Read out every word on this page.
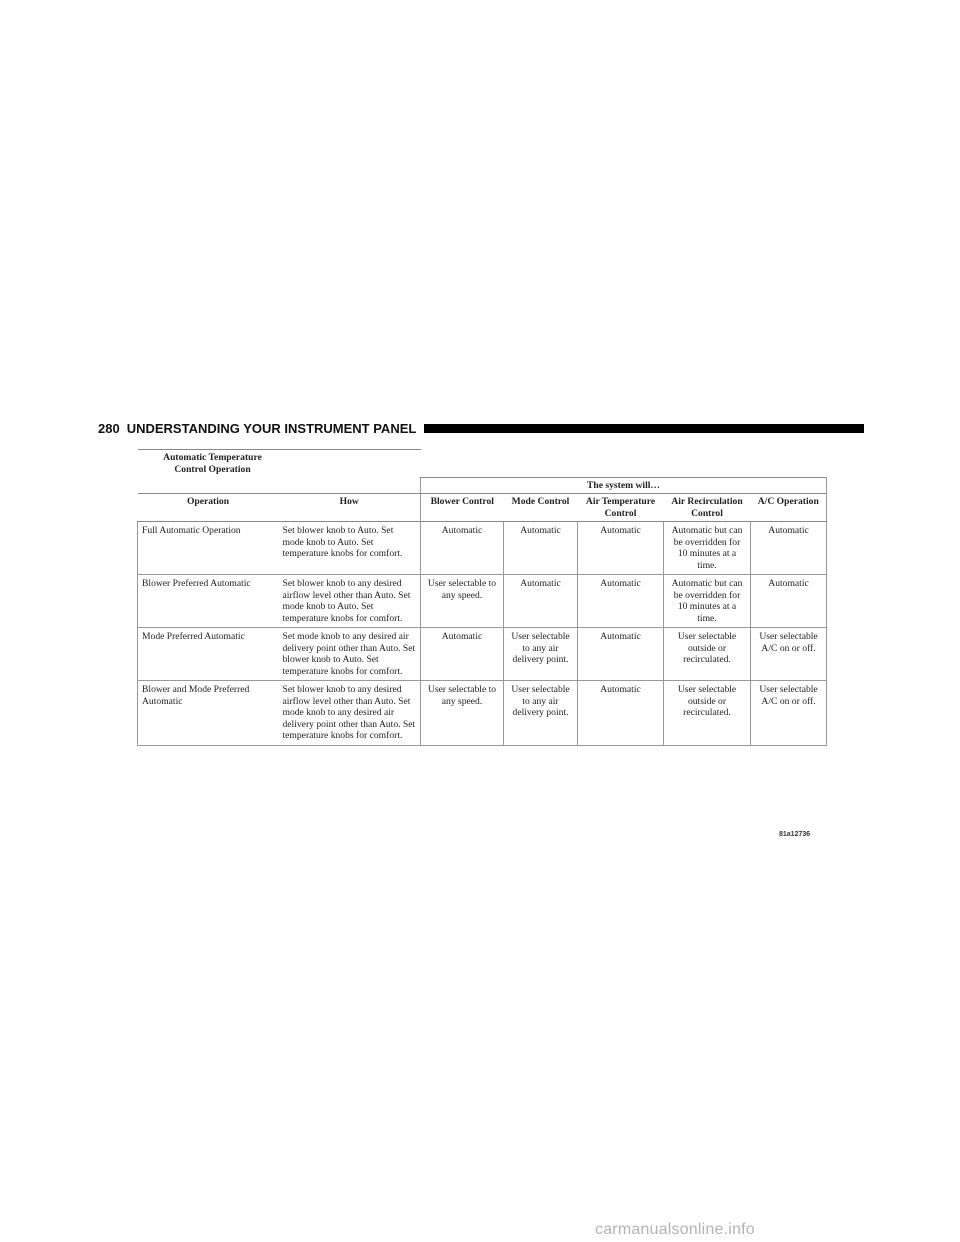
280 UNDERSTANDING YOUR INSTRUMENT PANEL
Automatic Temperature Control Operation						
		The system will…				
Operation	How	Blower Control	Mode Control	Air Temperature Control	Air Recirculation Control	A/C Operation
Full Automatic Operation	Set blower knob to Auto. Set mode knob to Auto. Set temperature knobs for comfort.	Automatic	Automatic	Automatic	Automatic but can be overridden for 10 minutes at a time.	Automatic
Blower Preferred Automatic	Set blower knob to any desired airflow level other than Auto. Set mode knob to Auto. Set temperature knobs for comfort.	User selectable to any speed.	Automatic	Automatic	Automatic but can be overridden for 10 minutes at a time.	Automatic
Mode Preferred Automatic	Set mode knob to any desired air delivery point other than Auto. Set blower knob to Auto. Set temperature knobs for comfort.	Automatic	User selectable to any air delivery point.	Automatic	User selectable outside or recirculated.	User selectable A/C on or off.
Blower and Mode Preferred Automatic	Set blower knob to any desired airflow level other than Auto. Set mode knob to any desired air delivery point other than Auto. Set temperature knobs for comfort.	User selectable to any speed.	User selectable to any air delivery point.	Automatic	User selectable outside or recirculated.	User selectable A/C on or off.
81a12736
carmanualsonline.info
